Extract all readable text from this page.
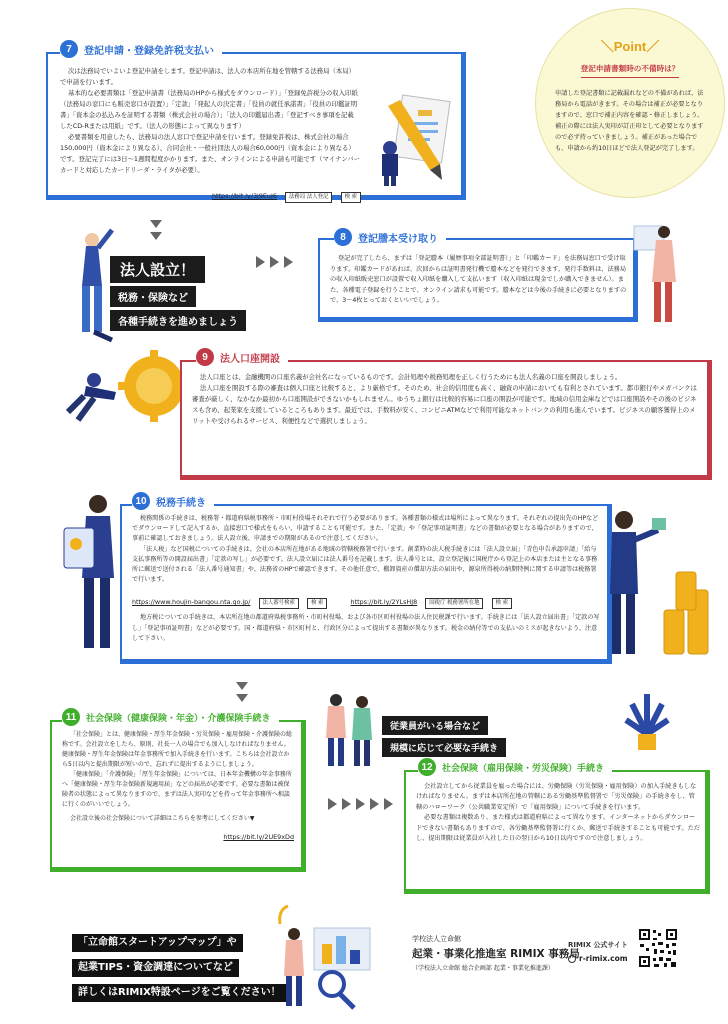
7	登記申請・登録免許税支払い

次は法務局でいよいよ登記申請をします。登記申請は、法人の本店所在地を管轄する法務局（本局）で申請を行います。

基本的な必要書類は「登記申請書（法務局のHPから様式をダウンロード）」「登録免許税分の収入印紙（法務局の窓口にも販売窓口が設置）」「定款」「発起人の決定書」「役員の就任承諾書」「役員の印鑑証明書」「資本金の払込みを証明する書類（株式会社の場合）」「法人の印鑑届出書」「登記すべき事項を記載したCD-Rまたは用紙」です。（法人の形態によって異なります）

必要書類を用意したら、法務局の法人窓口で登記申請を行います。登録免許税は、株式会社の場合150,000円（資本金により異なる）、合同会社・一般社団法人の場合60,000円（資本金により異なる）です。登記完了には3日〜1週間程度かかります。また、オンラインによる申請も可能です（マイナンバーカードと対応したカードリーダ・ライタが必要）。

https://bit.ly/3j9EuJ6 法務局 法人登記	検 索
＼Point／
登記申請書類時の不備時は？

申請した登記書類に記載漏れなどの不備があれば、法務局から電話がきます。その場合は補正が必要となりますので、窓口で補正内容を確認・修正しましょう。補正の際には法人実印が訂正印として必要となりますので必ず持っていきましょう。補正があった場合でも、申請から約10日ほどで法人登記が完了します。

法人設立！
税務・保険など
各種手続きを進めましょう
8	登記謄本受け取り

登記が完了したら、まずは「登記謄本（履歴事項全部証明書）」と「印鑑カード」を法務局窓口で受け取ります。印鑑カードがあれば、次回からは証明書発行機で謄本などを発行できます。発行手数料は、法務局の収入印紙販売窓口が設置で収入印紙を購入して支払います（収入印紙は現金でしか購入できません）。また、各種電子登録を行うことで、オンライン請求も可能です。謄本などは今後の手続きに必要となりますので、3〜4枚とっておくといいでしょう。

9	法人口座開設

法人口座とは、金融機関の口座名義が会社名になっているものです。会計処理や税務処理を正しく行うためにも法人名義の口座を開設しましょう。

法人口座を開設する際の審査は個人口座と比較すると、より厳格です。そのため、社会的信用度も高く、融資の申請においても有利とされています。都市銀行やメガバンクは審査が厳しく、なかなか最初から口座開設ができないかもしれません。ゆうちょ銀行は比較的容易に口座の開設が可能です。地域の信用金庫などでは口座開設やその後のビジネスも含め、起業家を支援しているところもあります。最近では、手数料が安く、コンビニATMなどで利用可能なネットバンクの利用も進んでいます。ビジネスの顧客獲得上のメリットや受けられるサービス、利便性などで選択しましょう。

10 税務手続き

税務関係の手続きは、税務署・都道府県税事務所・市町村役場それぞれで行う必要があります。各種書類の様式は場所によって異なります。それぞれの提出先のHPなどでダウンロードして記入するか、直接窓口で様式をもらい、申請することも可能です。また、「定款」や「登記事項証明書」などの書類が必要となる場合がありますので、事前に確認しておきましょう。法人設立後、申請までの期限があるので注意してください。

「法人税」など国税についての手続きは、会社の本店所在地がある地域の管轄税務署で行います。創業時の法人税手続きには「法人設立届」「青色申告承認申請」「給与支払事務所等の開設届出書」「定款の写し」が必要です。法人設立届には法人番号を記載します。法人番号とは、設立登記後に国税庁から登記上の本店または主となる事務所に郵送で送付される「法人番号通知書」や、法務省のHPで確認できます。その他任意で、棚卸資産の償却方法の届出や、源泉所得税の納期特例に関する申請等は税務署で行います。

https://www.houjin-bangou.nta.go.jp/ 法人番号検索	検 索	https://bit.ly/2YLsHJ8 国税庁 税務署所在地	検 索

地方税についての手続きは、本店所在地の都道府県税事務所・市町村役場、および各市区町村役場の法人住民税課で行います。手続きには「法人設立届出書」「定款の写し」「登記事項証明書」などが必要です。国・都道府県・市区町村と、行政区分によって提出する書類が異なります。税金の納付等での支払いのミスが起きないよう、注意して下さい。

11	社会保険（健康保険・年金）・介護保険手続き

「社会保険」とは、健康保険・厚生年金保険・労災保険・雇用保険・介護保険の総称です。会社設立をしたら、原則、社長一人の場合でも加入しなければなりません。健康保険・厚生年金保険は年金事務所で加入手続きを行います。こちらは会社設立から5日以内と提出期限が短いので、忘れずに提出するようにしましょう。

「健康保険」「介護保険」「厚生年金保険」については、日本年金機構の年金事務所へ「健康保険・厚生年金保険新規適用届」などの届出が必要です。必要な書類は被保険者の状態によって異なりますので、まずは法人実印などを持って年金事務所へ相談に行くのがいいでしょう。

会社設立後の社会保険について詳細はこちらを参考にしてください▼

https://bit.ly/2UE9xDd
従業員がいる場合など
規模に応じて必要な手続き
12	社会保険（雇用保険・労災保険）手続き

会社設立してから従業員を雇った場合には、労働保険（労災保険・雇用保険）の加入手続きもしなければなりません。まずは本店所在地の管轄にある労働基準監督署で「労災保険」の手続きをし、管轄のハローワーク（公共職業安定所）で「雇用保険」について手続きを行います。

必要な書類は複数あり、また様式は都道府県によって異なります。インターネットからダウンロードできない書類もありますので、各労働基準監督署に行くか、郵送で手続きすることも可能です。ただし、提出期限は従業員が入社した日の翌日から10日以内ですので注意しましょう。

「立命館スタートアップマップ」や
起業TIPS・資金調達についてなど
詳しくはRIMIX特設ページをご覧ください！
学校法人立命館
起業・事業化推進室 RIMIX 事務局
（学校法人立命館 総合企画部 起業・事業化推進課）
RIMIX 公式サイト
r-rimix.com
